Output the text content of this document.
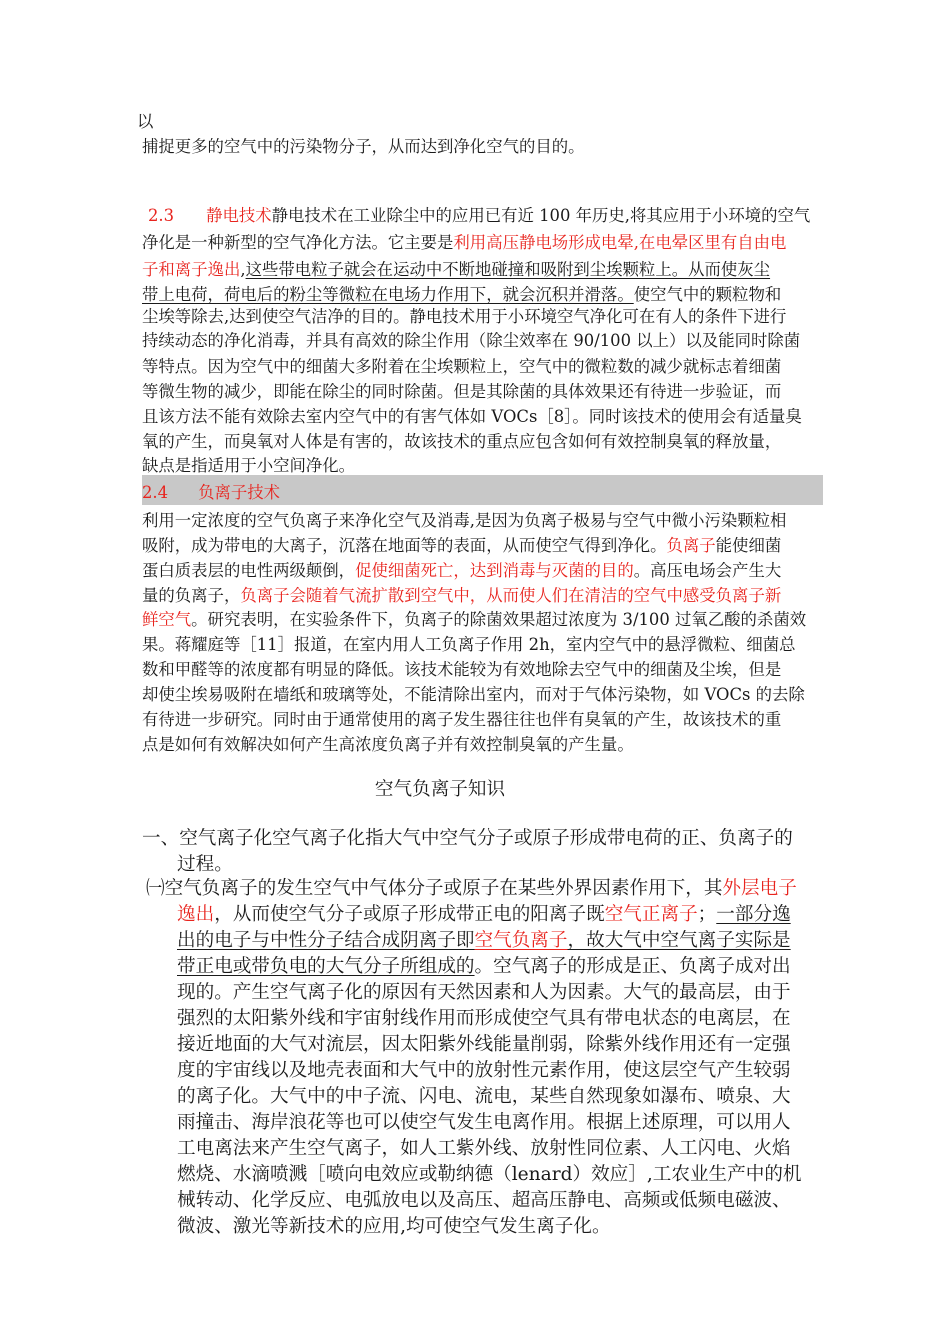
以
捕捉更多的空气中的污染物分子，从而达到净化空气的目的。
2.3 静电技术静电技术在工业除尘中的应用已有近 100 年历史,将其应用于小环境的空气
净化是一种新型的空气净化方法。它主要是利用高压静电场形成电晕,在电晕区里有自由电
子和离子逸出,这些带电粒子就会在运动中不断地碰撞和吸附到尘埃颗粒上。从而使灰尘
带上电荷，荷电后的粉尘等微粒在电场力作用下，就会沉积并滑落。使空气中的颗粒物和
尘埃等除去,达到使空气洁净的目的。静电技术用于小环境空气净化可在有人的条件下进行
持续动态的净化消毒，并具有高效的除尘作用（除尘效率在 90/100 以上）以及能同时除菌
等特点。因为空气中的细菌大多附着在尘埃颗粒上，空气中的微粒数的减少就标志着细菌
等微生物的减少，即能在除尘的同时除菌。但是其除菌的具体效果还有待进一步验证，而
且该方法不能有效除去室内空气中的有害气体如 VOCs［8］。同时该技术的使用会有适量臭
氧的产生，而臭氧对人体是有害的，故该技术的重点应包含如何有效控制臭氧的释放量，
缺点是指适用于小空间净化。
2.4 负离子技术
利用一定浓度的空气负离子来净化空气及消毒,是因为负离子极易与空气中微小污染颗粒相
吸附，成为带电的大离子，沉落在地面等的表面，从而使空气得到净化。负离子能使细菌
蛋白质表层的电性两级颠倒，促使细菌死亡，达到消毒与灭菌的目的。高压电场会产生大
量的负离子，负离子会随着气流扩散到空气中，从而使人们在清洁的空气中感受负离子新
鲜空气。研究表明，在实验条件下，负离子的除菌效果超过浓度为 3/100 过氧乙酸的杀菌效
果。蒋耀庭等［11］报道，在室内用人工负离子作用 2h，室内空气中的悬浮微粒、细菌总
数和甲醛等的浓度都有明显的降低。该技术能较为有效地除去空气中的细菌及尘埃，但是
却使尘埃易吸附在墙纸和玻璃等处，不能清除出室内，而对于气体污染物，如 VOCs 的去除
有待进一步研究。同时由于通常使用的离子发生器往往也伴有臭氧的产生，故该技术的重
点是如何有效解决如何产生高浓度负离子并有效控制臭氧的产生量。
空气负离子知识
一、空气离子化空气离子化指大气中空气分子或原子形成带电荷的正、负离子的
过程。
㈠空气负离子的发生空气中气体分子或原子在某些外界因素作用下，其外层电子
逸出，从而使空气分子或原子形成带正电的阳离子既空气正离子；一部分逸
出的电子与中性分子结合成阴离子即空气负离子，故大气中空气离子实际是
带正电或带负电的大气分子所组成的。空气离子的形成是正、负离子成对出
现的。产生空气离子化的原因有天然因素和人为因素。大气的最高层，由于
强烈的太阳紫外线和宇宙射线作用而形成使空气具有带电状态的电离层，在
接近地面的大气对流层，因太阳紫外线能量削弱，除紫外线作用还有一定强
度的宇宙线以及地壳表面和大气中的放射性元素作用，使这层空气产生较弱
的离子化。大气中的中子流、闪电、流电，某些自然现象如瀑布、喷泉、大
雨撞击、海岸浪花等也可以使空气发生电离作用。根据上述原理，可以用人
工电离法来产生空气离子，如人工紫外线、放射性同位素、人工闪电、火焰
燃烧、水滴喷溅［喷向电效应或勒纳德（lenard）效应］,工农业生产中的机
械转动、化学反应、电弧放电以及高压、超高压静电、高频或低频电磁波、
微波、激光等新技术的应用,均可使空气发生离子化。
